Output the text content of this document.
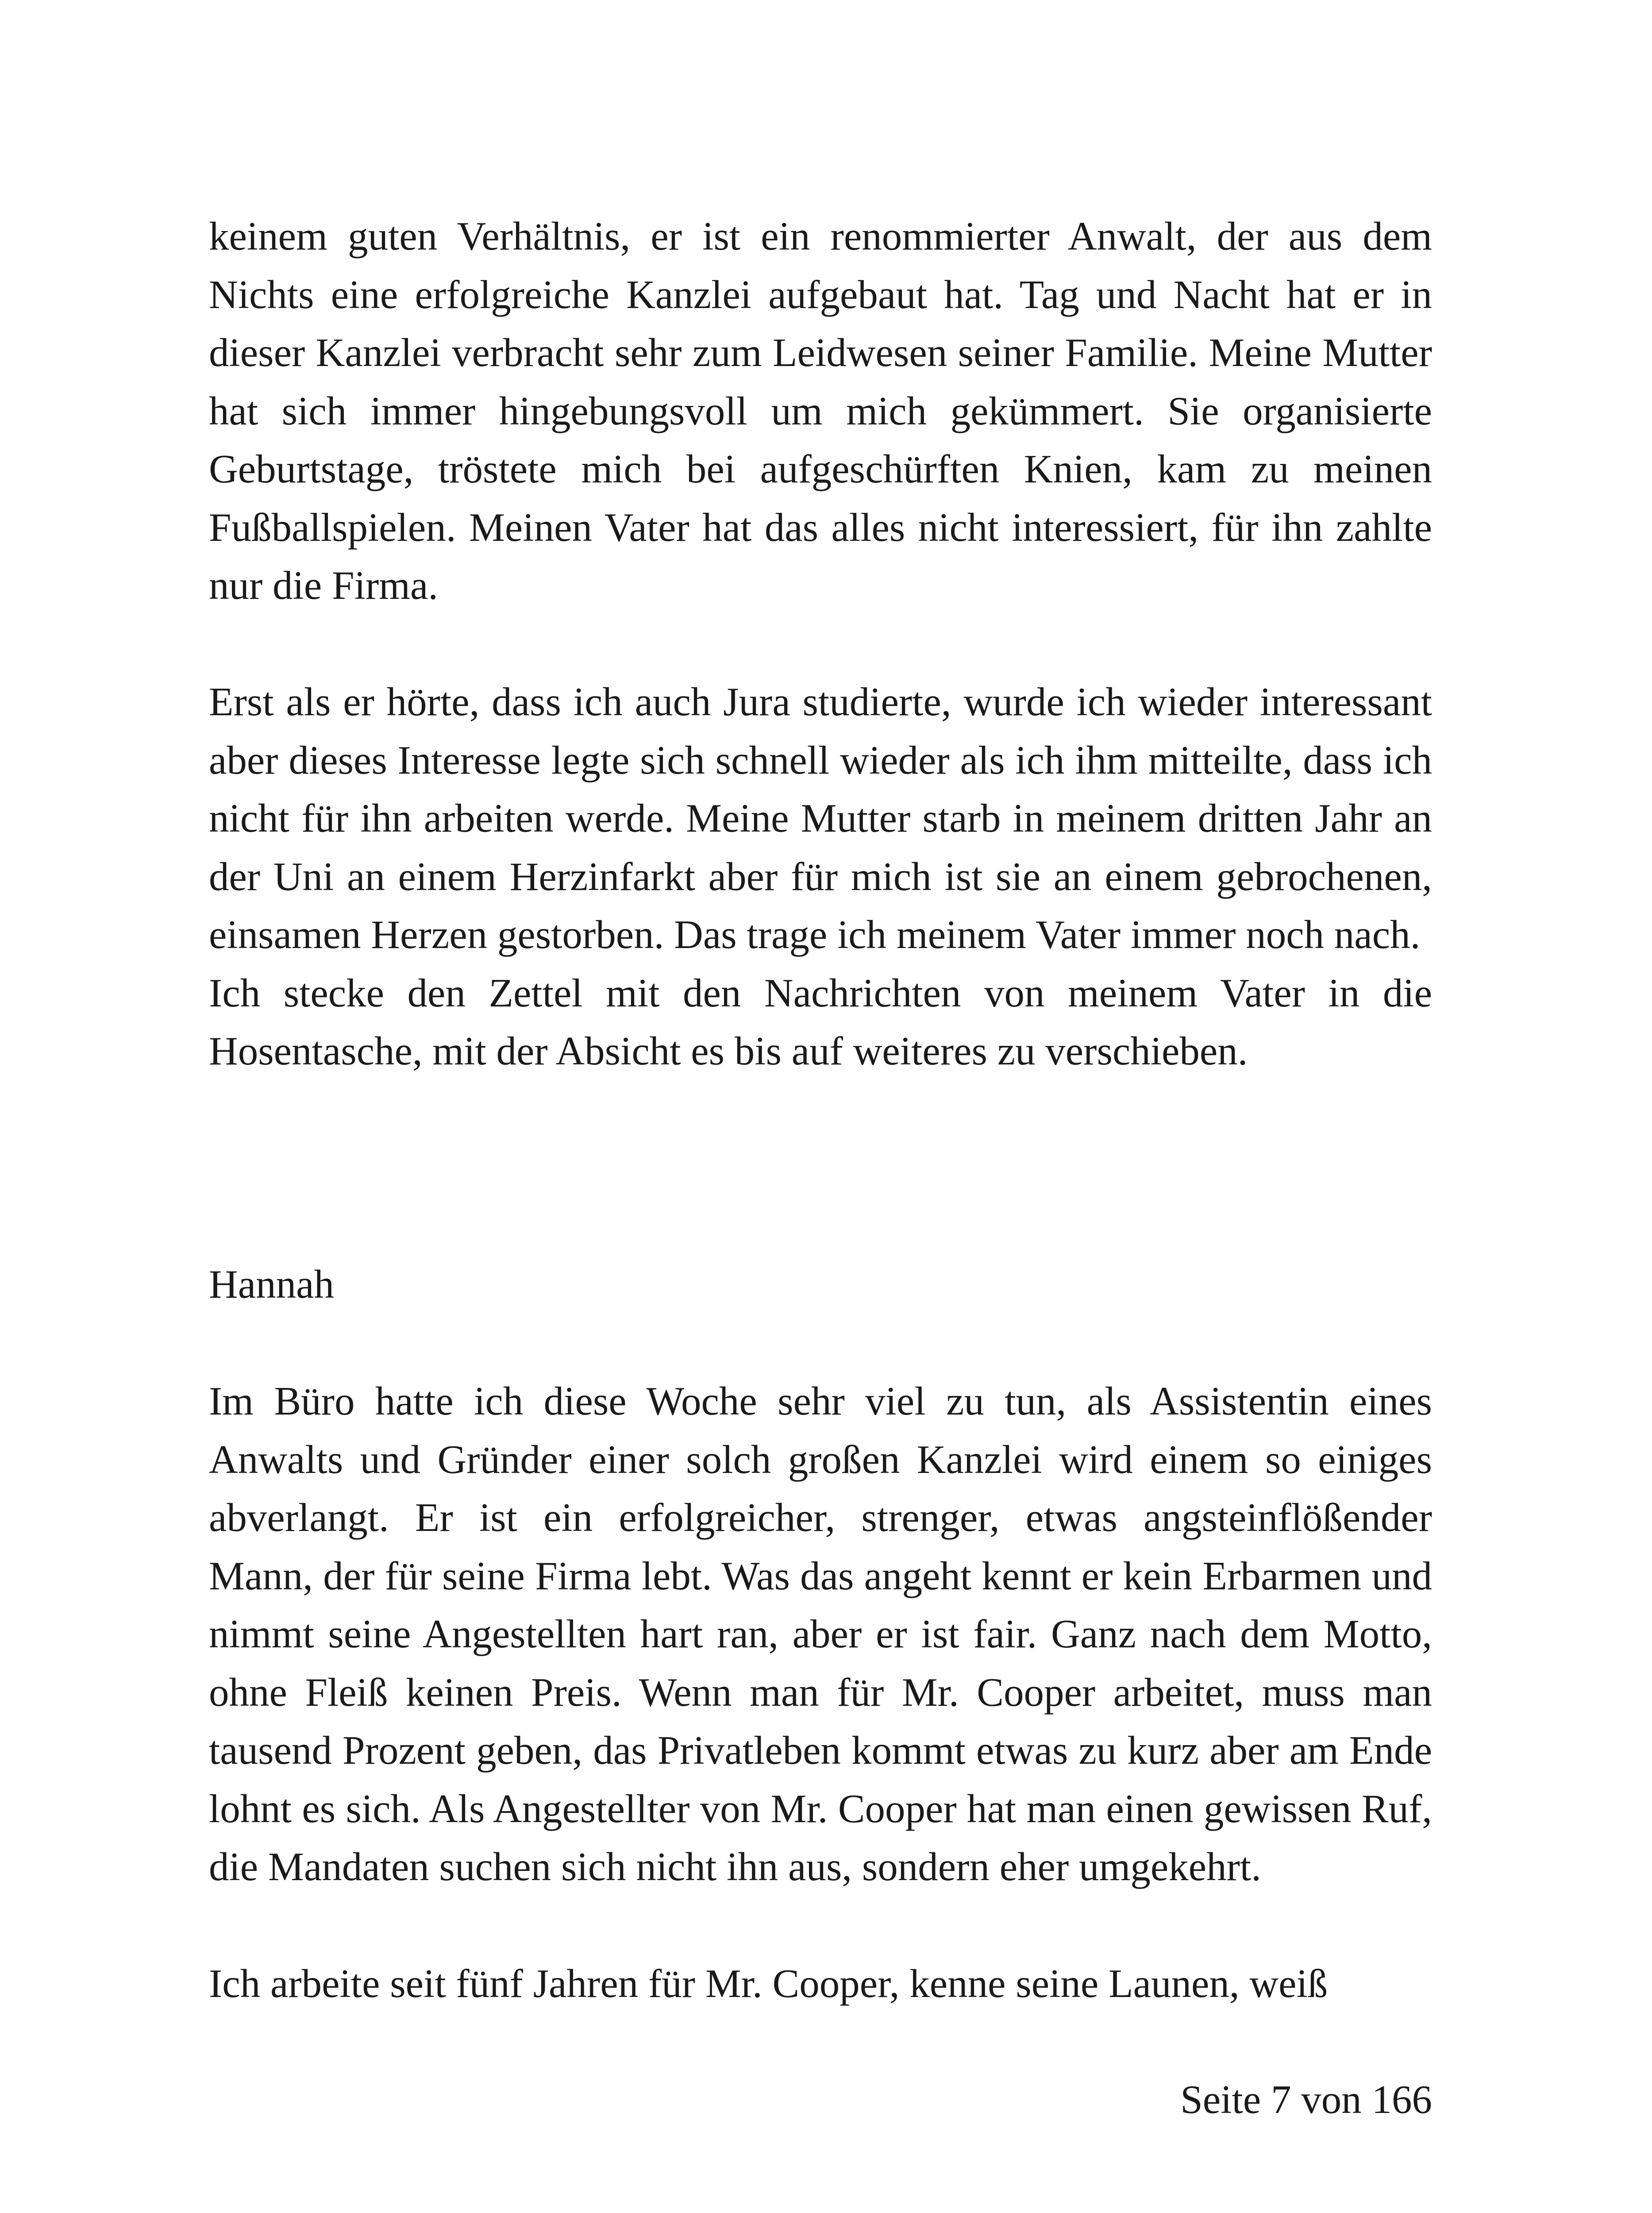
keinem guten Verhältnis, er ist ein renommierter Anwalt, der aus dem Nichts eine erfolgreiche Kanzlei aufgebaut hat. Tag und Nacht hat er in dieser Kanzlei verbracht sehr zum Leidwesen seiner Familie. Meine Mutter hat sich immer hingebungsvoll um mich gekümmert. Sie organisierte Geburtstage, tröstete mich bei aufgeschürften Knien, kam zu meinen Fußballspielen. Meinen Vater hat das alles nicht interessiert, für ihn zahlte nur die Firma.

Erst als er hörte, dass ich auch Jura studierte, wurde ich wieder interessant aber dieses Interesse legte sich schnell wieder als ich ihm mitteilte, dass ich nicht für ihn arbeiten werde. Meine Mutter starb in meinem dritten Jahr an der Uni an einem Herzinfarkt aber für mich ist sie an einem gebrochenen, einsamen Herzen gestorben. Das trage ich meinem Vater immer noch nach.
Ich stecke den Zettel mit den Nachrichten von meinem Vater in die Hosentasche, mit der Absicht es bis auf weiteres zu verschieben.

Hannah

Im Büro hatte ich diese Woche sehr viel zu tun, als Assistentin eines Anwalts und Gründer einer solch großen Kanzlei wird einem so einiges abverlangt. Er ist ein erfolgreicher, strenger, etwas angsteinflößender Mann, der für seine Firma lebt. Was das angeht kennt er kein Erbarmen und nimmt seine Angestellten hart ran, aber er ist fair. Ganz nach dem Motto, ohne Fleiß keinen Preis. Wenn man für Mr. Cooper arbeitet, muss man tausend Prozent geben, das Privatleben kommt etwas zu kurz aber am Ende lohnt es sich. Als Angestellter von Mr. Cooper hat man einen gewissen Ruf, die Mandaten suchen sich nicht ihn aus, sondern eher umgekehrt.

Ich arbeite seit fünf Jahren für Mr. Cooper, kenne seine Launen, weiß

Seite 7 von 166
